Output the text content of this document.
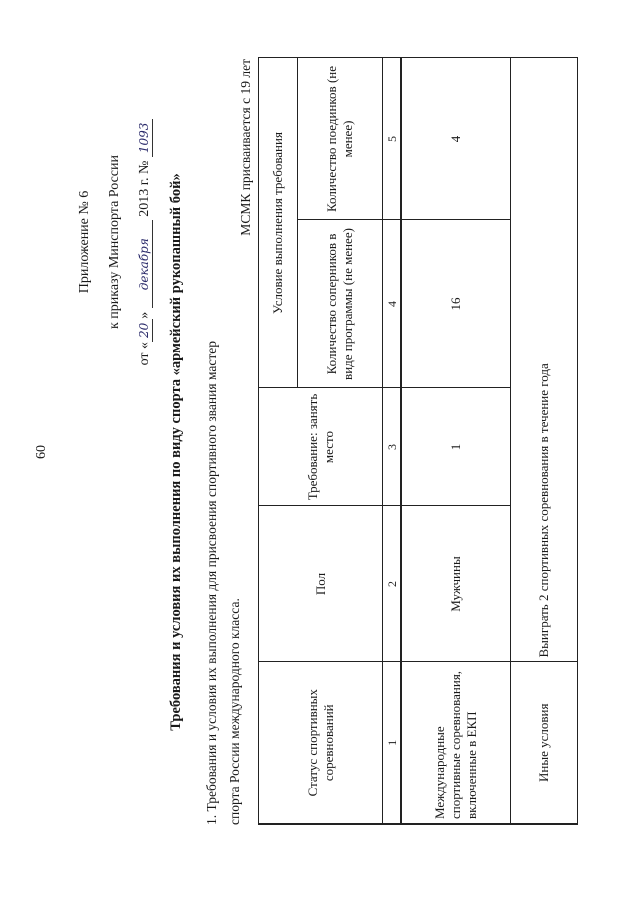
60
Приложение № 6	к приказу Минспорта России
от «20» декабря 2013 г. № 1093
Требования и условия их выполнения по виду спорта «армейский рукопашный бой» 1. Требования и условия их выполнения для присвоения спортивного звания мастер спорта России международного класса.
МСМК присваивается с 19 лет
Статус спортивных соревнований	Пол	Требование: занять место	Условие выполнения требования	
			Количество соперников в виде программы (не менее)	Количество поединков (не менее)
1	2	3	4	5
Международные спортивные соревнования, включенные в ЕКП	Мужчины	1	16	4
Иные условия	Выиграть 2 спортивных соревнования в течение года			
